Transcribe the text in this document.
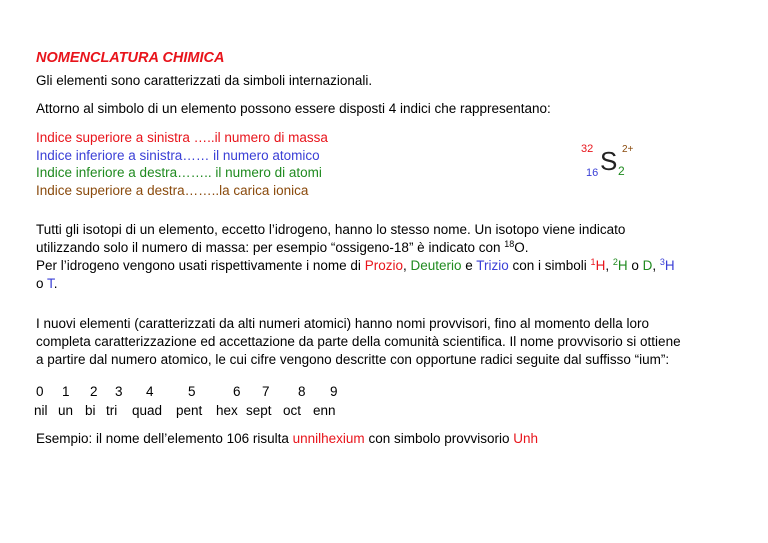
NOMENCLATURA CHIMICA
Gli elementi sono caratterizzati da simboli internazionali.
Attorno al simbolo di un elemento possono essere disposti 4 indici che rappresentano:
Indice superiore a sinistra …..il numero di massa
Indice inferiore a sinistra…… il numero atomico
Indice inferiore a destra…….. il numero di atomi
Indice superiore a destra……..la carica ionica
32
16 S 2+
2
Tutti gli isotopi di un elemento, eccetto l’idrogeno, hanno lo stesso nome. Un isotopo viene indicato
utilizzando solo il numero di massa: per esempio “ossigeno-18” è indicato con $^{18}$O.
Per l’idrogeno vengono usati rispettivamente i nome di Prozio, Deuterio e Trizio con i simboli $^1$H, $^2$H o D, $^3$H
o T.
I nuovi elementi (caratterizzati da alti numeri atomici) hanno nomi provvisori, fino al momento della loro
completa caratterizzazione ed accettazione da parte della comunità scientifica. Il nome provvisorio si ottiene
a partire dal numero atomico, le cui cifre vengono descritte con opportune radici seguite dal suffisso “ium”:
0 1 2 3 4	5	6 7 8 9
nil un bi tri quad pent hex sept oct enn
Esempio: il nome dell’elemento 106 risulta unnilhexium con simbolo provvisorio Unh
